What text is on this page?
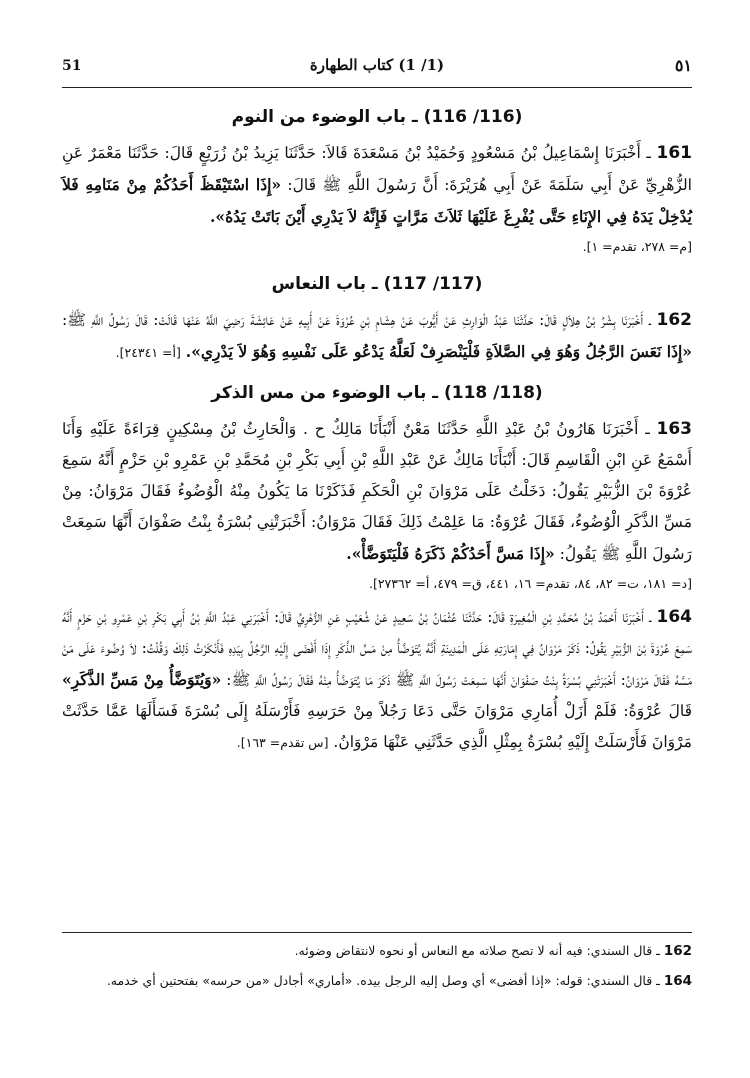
51	(1/ 1) كتاب الطهارة	٥١
(116/ 116) ـ باب الوضوء من النوم

161 ـ أَخْبَرَنَا إِسْمَاعِيلُ بْنُ مَسْعُودٍ وَحُمَيْدُ بْنُ مَسْعَدَةَ قَالاَ: حَدَّثَنَا يَزِيدُ بْنُ زُرَيْعٍ قَالَ: حَدَّثَنَا مَعْمَرٌ عَنِ الزُّهْرِيِّ عَنْ أَبِي سَلَمَةَ عَنْ أَبِي هُرَيْرَةَ: أَنَّ رَسُولَ اللَّهِ ﷺ قَالَ: «إِذَا اسْتَيْقَظَ أَحَدُكُمْ مِنْ مَنَامِهِ فَلاَ يُدْخِلْ يَدَهُ فِي الإِنَاءِ حَتَّى يُفْرِغَ عَلَيْهَا ثَلاَثَ مَرَّاتٍ فَإِنَّهُ لاَ يَدْرِي أَيْنَ بَاتَتْ يَدُهُ».

[م= ٢٧٨، تقدم= ١].
(117/ 117) ـ باب النعاس

162 ـ أَخْبَرَنَا بِشْرُ بْنُ هِلاَلٍ قَالَ: حَدَّثَنَا عَبْدُ الْوَارِثِ عَنْ أَيُّوبَ عَنْ هِشَامِ بْنِ عُرْوَةَ عَنْ أَبِيهِ عَنْ عَائِشَةَ رَضِيَ اللَّهُ عَنْهَا قَالَتْ: قَالَ رَسُولُ اللَّهِ ﷺ: «إِذَا نَعَسَ الرَّجُلُ وَهُوَ فِي الصَّلاَةِ فَلْيَنْصَرِفْ لَعَلَّهُ يَدْعُو عَلَى نَفْسِهِ وَهُوَ لاَ يَدْرِي». [أ= ٢٤٣٤١].

(118/ 118) ـ باب الوضوء من مس الذكر

163 ـ أَخْبَرَنَا هَارُونُ بْنُ عَبْدِ اللَّهِ حَدَّثَنَا مَعْنٌ أَنْبَأَنَا مَالِكٌ ح . وَالْحَارِثُ بْنُ مِسْكِينٍ قِرَاءَةً عَلَيْهِ وَأَنَا أَسْمَعُ عَنِ ابْنِ الْقَاسِمِ قَالَ: أَنْبَأَنَا مَالِكٌ عَنْ عَبْدِ اللَّهِ بْنِ أَبِي بَكْرِ بْنِ مُحَمَّدِ بْنِ عَمْرِو بْنِ حَزْمٍ أَنَّهُ سَمِعَ عُرْوَةَ بْنَ الزُّبَيْرِ يَقُولُ: دَخَلْتُ عَلَى مَرْوَانَ بْنِ الْحَكَمِ فَذَكَرْنَا مَا يَكُونُ مِنْهُ الْوُضُوءُ فَقَالَ مَرْوَانُ: مِنْ مَسِّ الذَّكَرِ الْوُضُوءُ، فَقَالَ عُرْوَةُ: مَا عَلِمْتُ ذَلِكَ فَقَالَ مَرْوَانُ: أَخْبَرَتْنِي بُسْرَةُ بِنْتُ صَفْوَانَ أَنَّهَا سَمِعَتْ رَسُولَ اللَّهِ ﷺ يَقُولُ: «إِذَا مَسَّ أَحَدُكُمْ ذَكَرَهُ فَلْيَتَوَضَّأْ».

[د= ١٨١، ت= ٨٢، ٨٤، تقدم= ١٦، ٤٤١، ق= ٤٧٩، أ= ٢٧٣٦٢].

164 ـ أَخْبَرَنَا أَحْمَدُ بْنُ مُحَمَّدِ بْنِ الْمُغِيرَةِ قَالَ: حَدَّثَنَا عُثْمَانُ بْنُ سَعِيدٍ عَنْ شُعَيْبٍ عَنِ الزُّهْرِيِّ قَالَ: أَخْبَرَنِي عَبْدُ اللَّهِ بْنُ أَبِي بَكْرِ بْنِ عَمْرِو بْنِ حَزْمٍ أَنَّهُ سَمِعَ عُرْوَةَ بْنَ الزُّبَيْرِ يَقُولُ: ذَكَرَ مَرْوَانُ فِي إِمَارَتِهِ عَلَى الْمَدِينَةِ أَنَّهُ يُتَوَضَّأُ مِنْ مَسِّ الذَّكَرِ إِذَا أَفْضَى إِلَيْهِ الرَّجُلُ بِيَدِهِ فَأَنْكَرْتُ ذَلِكَ وَقُلْتُ: لاَ وُضُوءَ عَلَى مَنْ مَسَّهُ فَقَالَ مَرْوَانُ: أَخْبَرَتْنِي بُسْرَةُ بِنْتُ صَفْوَانَ أَنَّهَا سَمِعَتْ رَسُولَ اللَّهِ ﷺ ذَكَرَ مَا يُتَوَضَّأُ مِنْهُ فَقَالَ رَسُولُ اللَّهِ ﷺ: «وَيُتَوَضَّأُ مِنْ مَسِّ الذَّكَرِ» قَالَ عُرْوَةُ: فَلَمْ أَزَلْ أُمَارِي مَرْوَانَ حَتَّى دَعَا رَجُلاً مِنْ حَرَسِهِ فَأَرْسَلَهُ إِلَى بُسْرَةَ فَسَأَلَهَا عَمَّا حَدَّثَتْ مَرْوَانَ فَأَرْسَلَتْ إِلَيْهِ بُسْرَةُ بِمِثْلِ الَّذِي حَدَّثَنِي عَنْهَا مَرْوَانُ. [س تقدم= ١٦٣].

162 ـ قال السندي: فيه أنه لا تصح صلاته مع النعاس أو نحوه لانتقاض وضوئه.

164 ـ قال السندي: قوله: «إذا أفضى» أي وصل إليه الرجل بيده. «أماري» أجادل «من حرسه» بفتحتين أي خدمه.
